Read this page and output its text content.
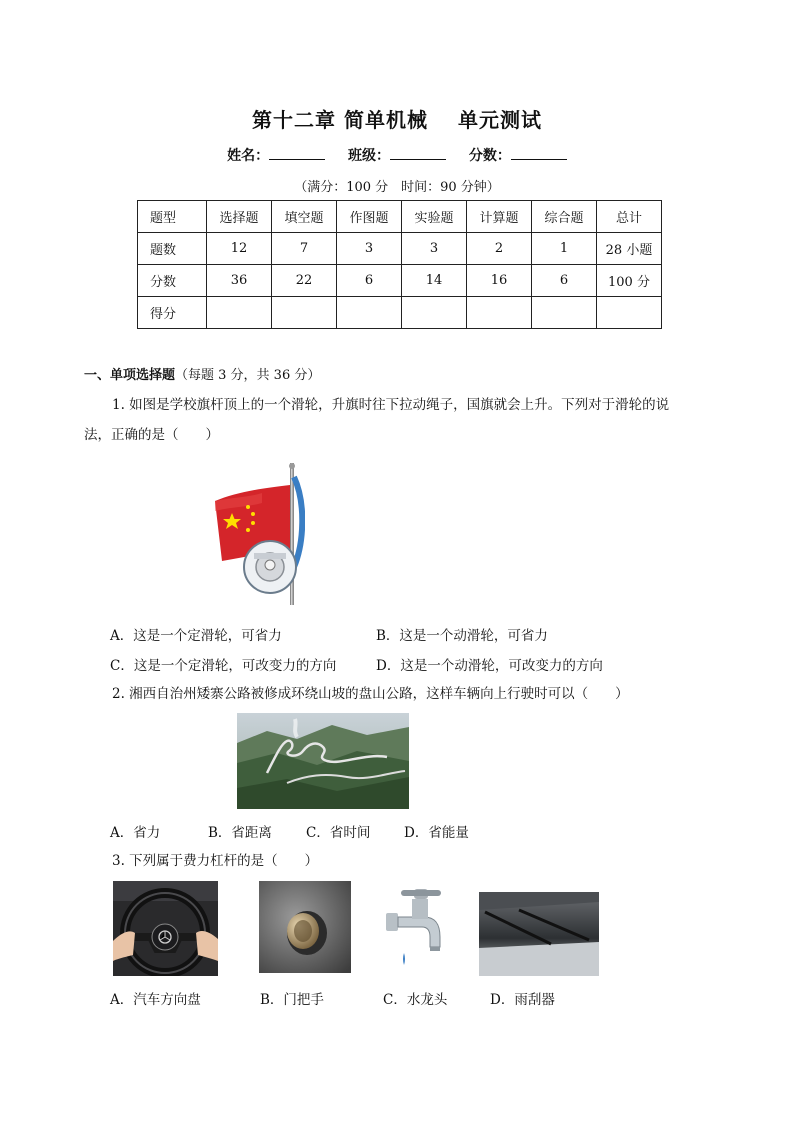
第十二章 简单机械 单元测试
姓名：	班级：	分数：
（满分：100 分　时间：90 分钟）
题型	选择题	填空题	作图题	实验题	计算题	综合题	总计
题数	12	7	3	3	2	1	28 小题
分数	36	22	6	14	16	6	100 分
得分							
一、单项选择题（每题 3 分，共 36 分）
1. 如图是学校旗杆顶上的一个滑轮，升旗时往下拉动绳子，国旗就会上升。下列对于滑轮的说
法，正确的是（　　）
A．这是一个定滑轮，可省力	B．这是一个动滑轮，可省力
C．这是一个定滑轮，可改变力的方向	D．这是一个动滑轮，可改变力的方向
2. 湘西自治州矮寨公路被修成环绕山坡的盘山公路，这样车辆向上行驶时可以（　　）
A．省力	B．省距离	C．省时间 D．省能量
3. 下列属于费力杠杆的是（　　）
A．汽车方向盘	B．门把手	C．水龙头	D．雨刮器
